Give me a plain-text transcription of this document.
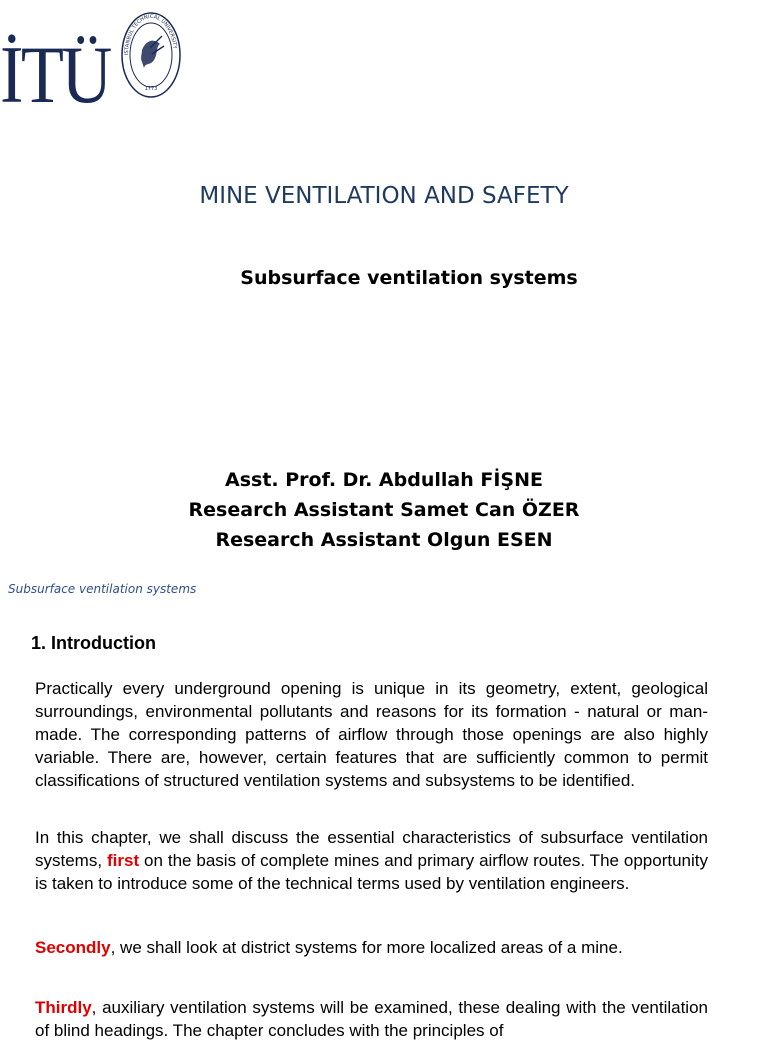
İTÜ	ISTANBUL TECHNICAL UNIVERSITY
1773
MINE VENTILATION AND SAFETY
Subsurface ventilation systems
Asst. Prof. Dr. Abdullah FİŞNE
Research Assistant Samet Can ÖZER
Research Assistant Olgun ESEN
Subsurface ventilation systems
1. Introduction

Practically every underground opening is unique in its geometry, extent, geological surroundings, environmental pollutants and reasons for its formation - natural or man-made. The corresponding patterns of airflow through those openings are also highly variable. There are, however, certain features that are sufficiently common to permit classifications of structured ventilation systems and subsystems to be identified.

In this chapter, we shall discuss the essential characteristics of subsurface ventilation systems, first on the basis of complete mines and primary airflow routes. The opportunity is taken to introduce some of the technical terms used by ventilation engineers.

Secondly, we shall look at district systems for more localized areas of a mine.

Thirdly, auxiliary ventilation systems will be examined, these dealing with the ventilation of blind headings. The chapter concludes with the principles of
